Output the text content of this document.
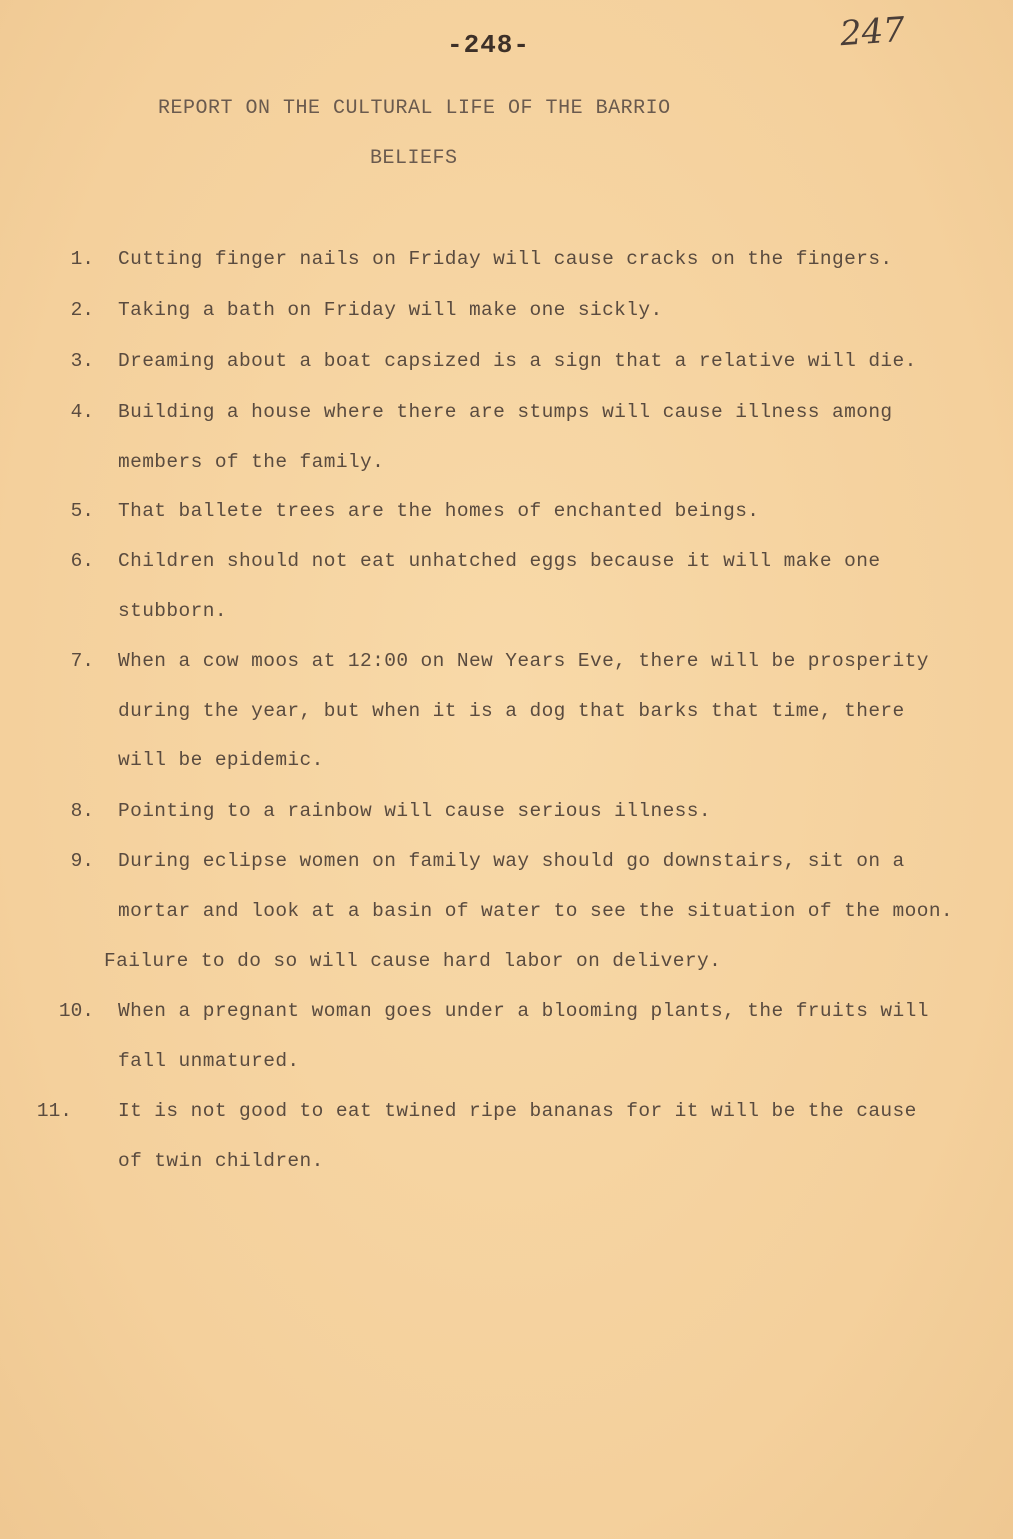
-248-	247
REPORT ON THE CULTURAL LIFE OF THE BARRIO
BELIEFS
1. Cutting finger nails on Friday will cause cracks on the fingers.
2. Taking a bath on Friday will make one sickly.
3. Dreaming about a boat capsized is a sign that a relative will die.
4. Building a house where there are stumps will cause illness among
members of the family.
5. That ballete trees are the homes of enchanted beings.
6. Children should not eat unhatched eggs because it will make one
stubborn.
7. When a cow moos at 12:00 on New Years Eve, there will be prosperity
during the year, but when it is a dog that barks that time, there
will be epidemic.
8. Pointing to a rainbow will cause serious illness.
9. During eclipse women on family way should go downstairs, sit on a
mortar and look at a basin of water to see the situation of the moon.
Failure to do so will cause hard labor on delivery.
10. When a pregnant woman goes under a blooming plants, the fruits will
fall unmatured.
11. It is not good to eat twined ripe bananas for it will be the cause
of twin children.
